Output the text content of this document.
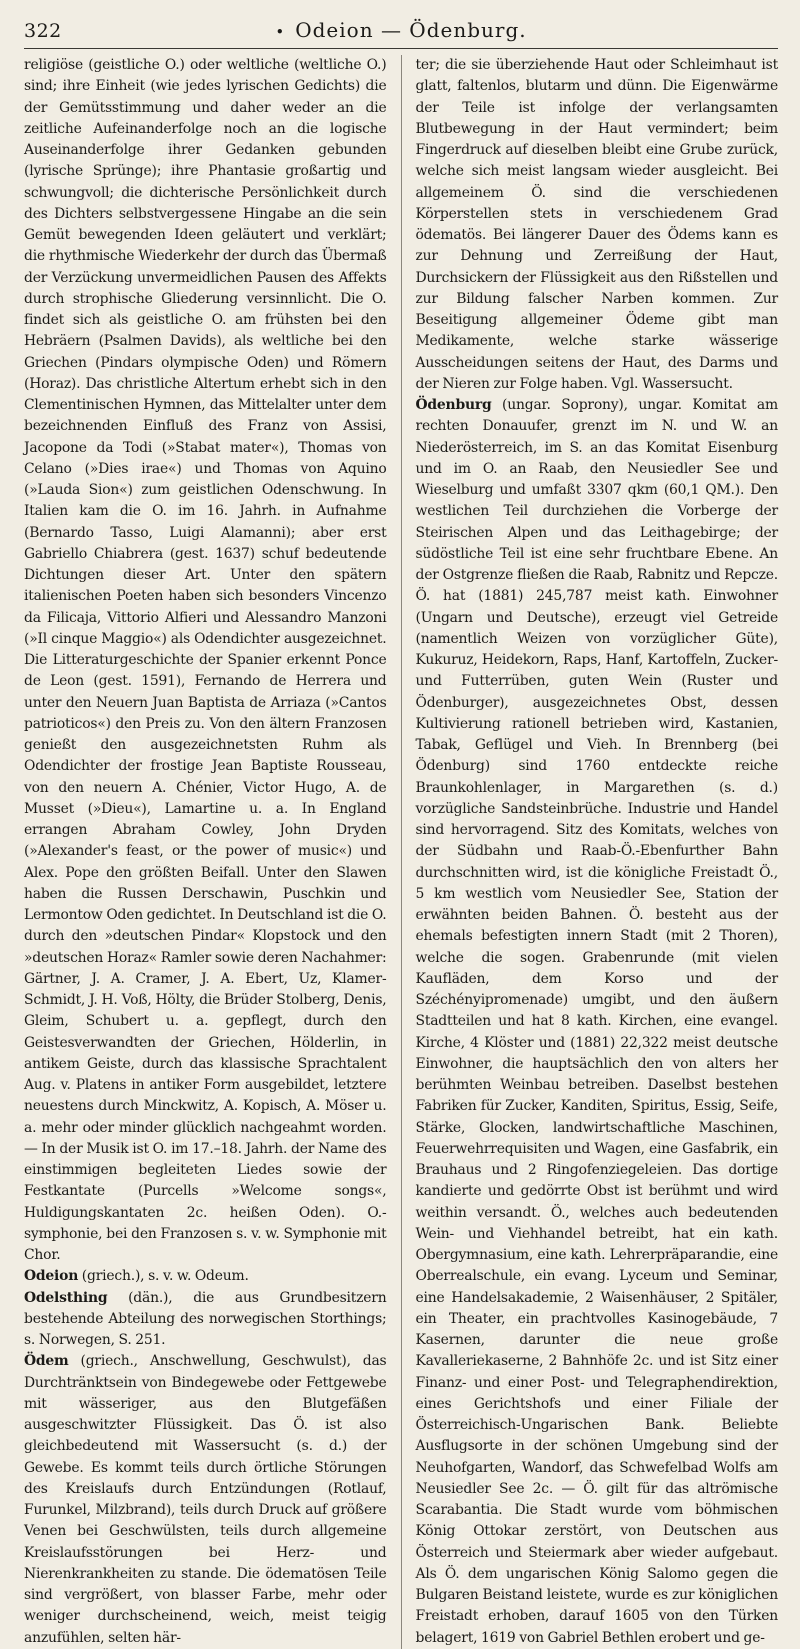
322	• Odeion — Ödenburg.

religiöse (geistliche O.) oder weltliche (weltliche O.) sind; ihre Einheit (wie jedes lyrischen Gedichts) die der Gemütsstimmung und daher weder an die zeitliche Aufeinanderfolge noch an die logische Auseinanderfolge ihrer Gedanken gebunden (lyrische Sprünge); ihre Phantasie großartig und schwungvoll; die dichterische Persönlichkeit durch des Dichters selbstvergessene Hingabe an die sein Gemüt bewegenden Ideen geläutert und verklärt; die rhythmische Wiederkehr der durch das Übermaß der Verzückung unvermeidlichen Pausen des Affekts durch strophische Gliederung versinnlicht. Die O. findet sich als geistliche O. am frühsten bei den Hebräern (Psalmen Davids), als weltliche bei den Griechen (Pindars olympische Oden) und Römern (Horaz). Das christliche Altertum erhebt sich in den Clementinischen Hymnen, das Mittelalter unter dem bezeichnenden Einfluß des Franz von Assisi, Jacopone da Todi (»Stabat mater«), Thomas von Celano (»Dies irae«) und Thomas von Aquino (»Lauda Sion«) zum geistlichen Odenschwung. In Italien kam die O. im 16. Jahrh. in Aufnahme (Bernardo Tasso, Luigi Alamanni); aber erst Gabriello Chiabrera (gest. 1637) schuf bedeutende Dichtungen dieser Art. Unter den spätern italienischen Poeten haben sich besonders Vincenzo da Filicaja, Vittorio Alfieri und Alessandro Manzoni (»Il cinque Maggio«) als Odendichter ausgezeichnet. Die Litteraturgeschichte der Spanier erkennt Ponce de Leon (gest. 1591), Fernando de Herrera und unter den Neuern Juan Baptista de Arriaza (»Cantos patrioticos«) den Preis zu. Von den ältern Franzosen genießt den ausgezeichnetsten Ruhm als Odendichter der frostige Jean Baptiste Rousseau, von den neuern A. Chénier, Victor Hugo, A. de Musset (»Dieu«), Lamartine u. a. In England errangen Abraham Cowley, John Dryden (»Alexander's feast, or the power of music«) und Alex. Pope den größten Beifall. Unter den Slawen haben die Russen Derschawin, Puschkin und Lermontow Oden gedichtet. In Deutschland ist die O. durch den »deutschen Pindar« Klopstock und den »deutschen Horaz« Ramler sowie deren Nachahmer: Gärtner, J. A. Cramer, J. A. Ebert, Uz, Klamer-Schmidt, J. H. Voß, Hölty, die Brüder Stolberg, Denis, Gleim, Schubert u. a. gepflegt, durch den Geistesverwandten der Griechen, Hölderlin, in antikem Geiste, durch das klassische Sprachtalent Aug. v. Platens in antiker Form ausgebildet, letztere neuestens durch Minckwitz, A. Kopisch, A. Möser u. a. mehr oder minder glücklich nachgeahmt worden. — In der Musik ist O. im 17.–18. Jahrh. der Name des einstimmigen begleiteten Liedes sowie der Festkantate (Purcells »Welcome songs«, Huldigungskantaten 2c. heißen Oden). O.-symphonie, bei den Franzosen s. v. w. Symphonie mit Chor.

Odeion (griech.), s. v. w. Odeum.

Odelsthing (dän.), die aus Grundbesitzern bestehende Abteilung des norwegischen Storthings; s. Norwegen, S. 251.

Ödem (griech., Anschwellung, Geschwulst), das Durchtränktsein von Bindegewebe oder Fettgewebe mit wässeriger, aus den Blutgefäßen ausgeschwitzter Flüssigkeit. Das Ö. ist also gleichbedeutend mit Wassersucht (s. d.) der Gewebe. Es kommt teils durch örtliche Störungen des Kreislaufs durch Entzündungen (Rotlauf, Furunkel, Milzbrand), teils durch Druck auf größere Venen bei Geschwülsten, teils durch allgemeine Kreislaufsstörungen bei Herz- und Nierenkrankheiten zu stande. Die ödematösen Teile sind vergrößert, von blasser Farbe, mehr oder weniger durchscheinend, weich, meist teigig anzufühlen, selten här-

ter; die sie überziehende Haut oder Schleimhaut ist glatt, faltenlos, blutarm und dünn. Die Eigenwärme der Teile ist infolge der verlangsamten Blutbewegung in der Haut vermindert; beim Fingerdruck auf dieselben bleibt eine Grube zurück, welche sich meist langsam wieder ausgleicht. Bei allgemeinem Ö. sind die verschiedenen Körperstellen stets in verschiedenem Grad ödematös. Bei längerer Dauer des Ödems kann es zur Dehnung und Zerreißung der Haut, Durchsickern der Flüssigkeit aus den Rißstellen und zur Bildung falscher Narben kommen. Zur Beseitigung allgemeiner Ödeme gibt man Medikamente, welche starke wässerige Ausscheidungen seitens der Haut, des Darms und der Nieren zur Folge haben. Vgl. Wassersucht.

Ödenburg (ungar. Soprony), ungar. Komitat am rechten Donauufer, grenzt im N. und W. an Niederösterreich, im S. an das Komitat Eisenburg und im O. an Raab, den Neusiedler See und Wieselburg und umfaßt 3307 qkm (60,1 QM.). Den westlichen Teil durchziehen die Vorberge der Steirischen Alpen und das Leithagebirge; der südöstliche Teil ist eine sehr fruchtbare Ebene. An der Ostgrenze fließen die Raab, Rabnitz und Repcze. Ö. hat (1881) 245,787 meist kath. Einwohner (Ungarn und Deutsche), erzeugt viel Getreide (namentlich Weizen von vorzüglicher Güte), Kukuruz, Heidekorn, Raps, Hanf, Kartoffeln, Zucker- und Futterrüben, guten Wein (Ruster und Ödenburger), ausgezeichnetes Obst, dessen Kultivierung rationell betrieben wird, Kastanien, Tabak, Geflügel und Vieh. In Brennberg (bei Ödenburg) sind 1760 entdeckte reiche Braunkohlenlager, in Margarethen (s. d.) vorzügliche Sandsteinbrüche. Industrie und Handel sind hervorragend. Sitz des Komitats, welches von der Südbahn und Raab-Ö.-Ebenfurther Bahn durchschnitten wird, ist die königliche Freistadt Ö., 5 km westlich vom Neusiedler See, Station der erwähnten beiden Bahnen. Ö. besteht aus der ehemals befestigten innern Stadt (mit 2 Thoren), welche die sogen. Grabenrunde (mit vielen Kaufläden, dem Korso und der Széchényipromenade) umgibt, und den äußern Stadtteilen und hat 8 kath. Kirchen, eine evangel. Kirche, 4 Klöster und (1881) 22,322 meist deutsche Einwohner, die hauptsächlich den von alters her berühmten Weinbau betreiben. Daselbst bestehen Fabriken für Zucker, Kanditen, Spiritus, Essig, Seife, Stärke, Glocken, landwirtschaftliche Maschinen, Feuerwehrrequisiten und Wagen, eine Gasfabrik, ein Brauhaus und 2 Ringofenziegeleien. Das dortige kandierte und gedörrte Obst ist berühmt und wird weithin versandt. Ö., welches auch bedeutenden Wein- und Viehhandel betreibt, hat ein kath. Obergymnasium, eine kath. Lehrerpräparandie, eine Oberrealschule, ein evang. Lyceum und Seminar, eine Handelsakademie, 2 Waisenhäuser, 2 Spitäler, ein Theater, ein prachtvolles Kasinogebäude, 7 Kasernen, darunter die neue große Kavalleriekaserne, 2 Bahnhöfe 2c. und ist Sitz einer Finanz- und einer Post- und Telegraphendirektion, eines Gerichtshofs und einer Filiale der Österreichisch-Ungarischen Bank. Beliebte Ausflugsorte in der schönen Umgebung sind der Neuhofgarten, Wandorf, das Schwefelbad Wolfs am Neusiedler See 2c. — Ö. gilt für das altrömische Scarabantia. Die Stadt wurde vom böhmischen König Ottokar zerstört, von Deutschen aus Österreich und Steiermark aber wieder aufgebaut. Als Ö. dem ungarischen König Salomo gegen die Bulgaren Beistand leistete, wurde es zur königlichen Freistadt erhoben, darauf 1605 von den Türken belagert, 1619 von Gabriel Bethlen erobert und ge-
